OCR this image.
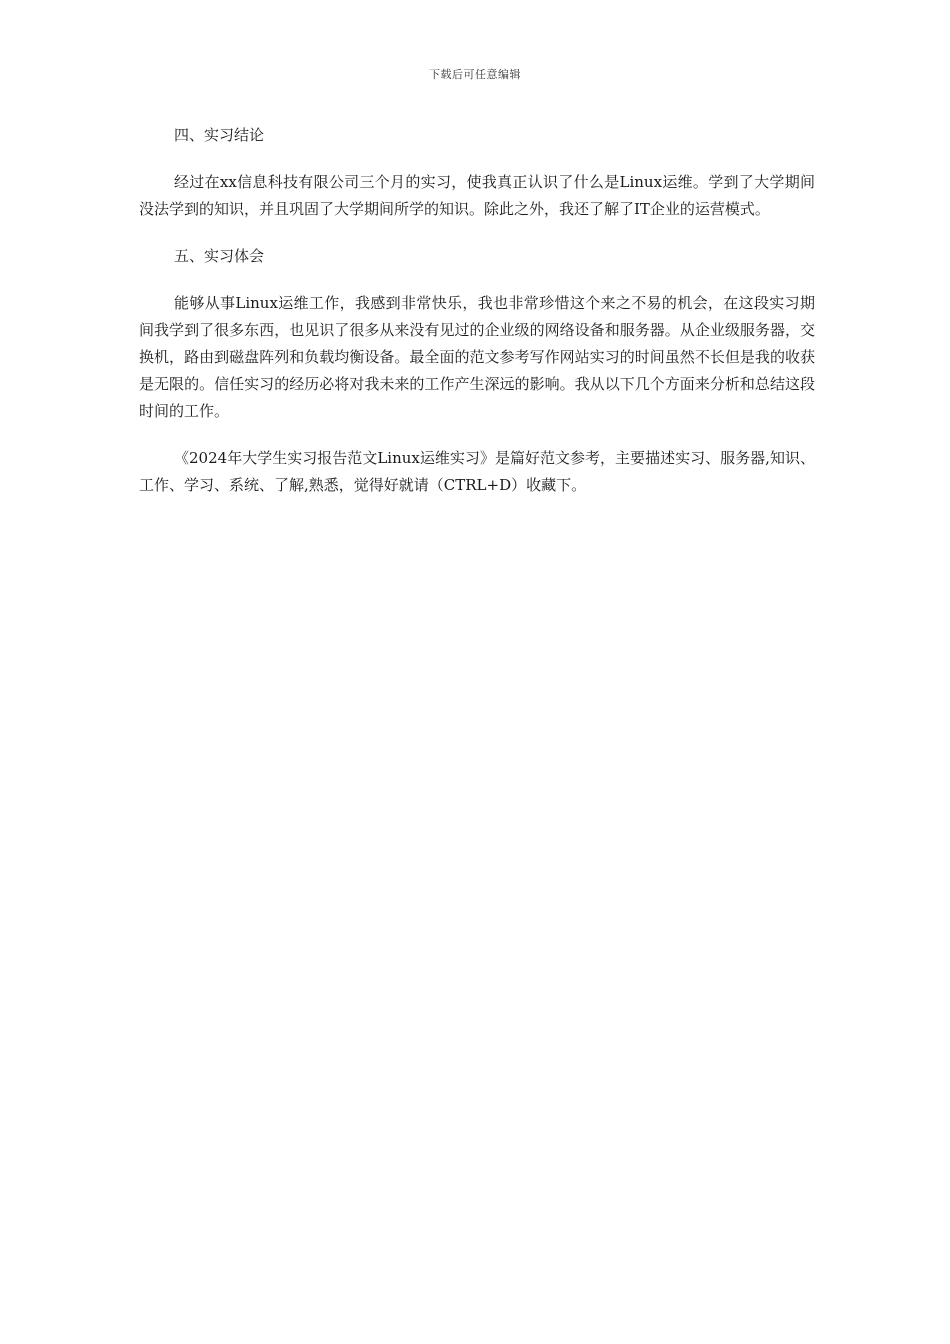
下载后可任意编辑

四、实习结论

经过在xx信息科技有限公司三个月的实习，使我真正认识了什么是Linux运维。学到了大学期间没法学到的知识，并且巩固了大学期间所学的知识。除此之外，我还了解了IT企业的运营模式。

五、实习体会

能够从事Linux运维工作，我感到非常快乐，我也非常珍惜这个来之不易的机会，在这段实习期间我学到了很多东西，也见识了很多从来没有见过的企业级的网络设备和服务器。从企业级服务器，交换机，路由到磁盘阵列和负载均衡设备。最全面的范文参考写作网站实习的时间虽然不长但是我的收获是无限的。信任实习的经历必将对我未来的工作产生深远的影响。我从以下几个方面来分析和总结这段时间的工作。

《2024年大学生实习报告范文Linux运维实习》是篇好范文参考，主要描述实习、服务器,知识、工作、学习、系统、了解,熟悉，觉得好就请（CTRL+D）收藏下。
